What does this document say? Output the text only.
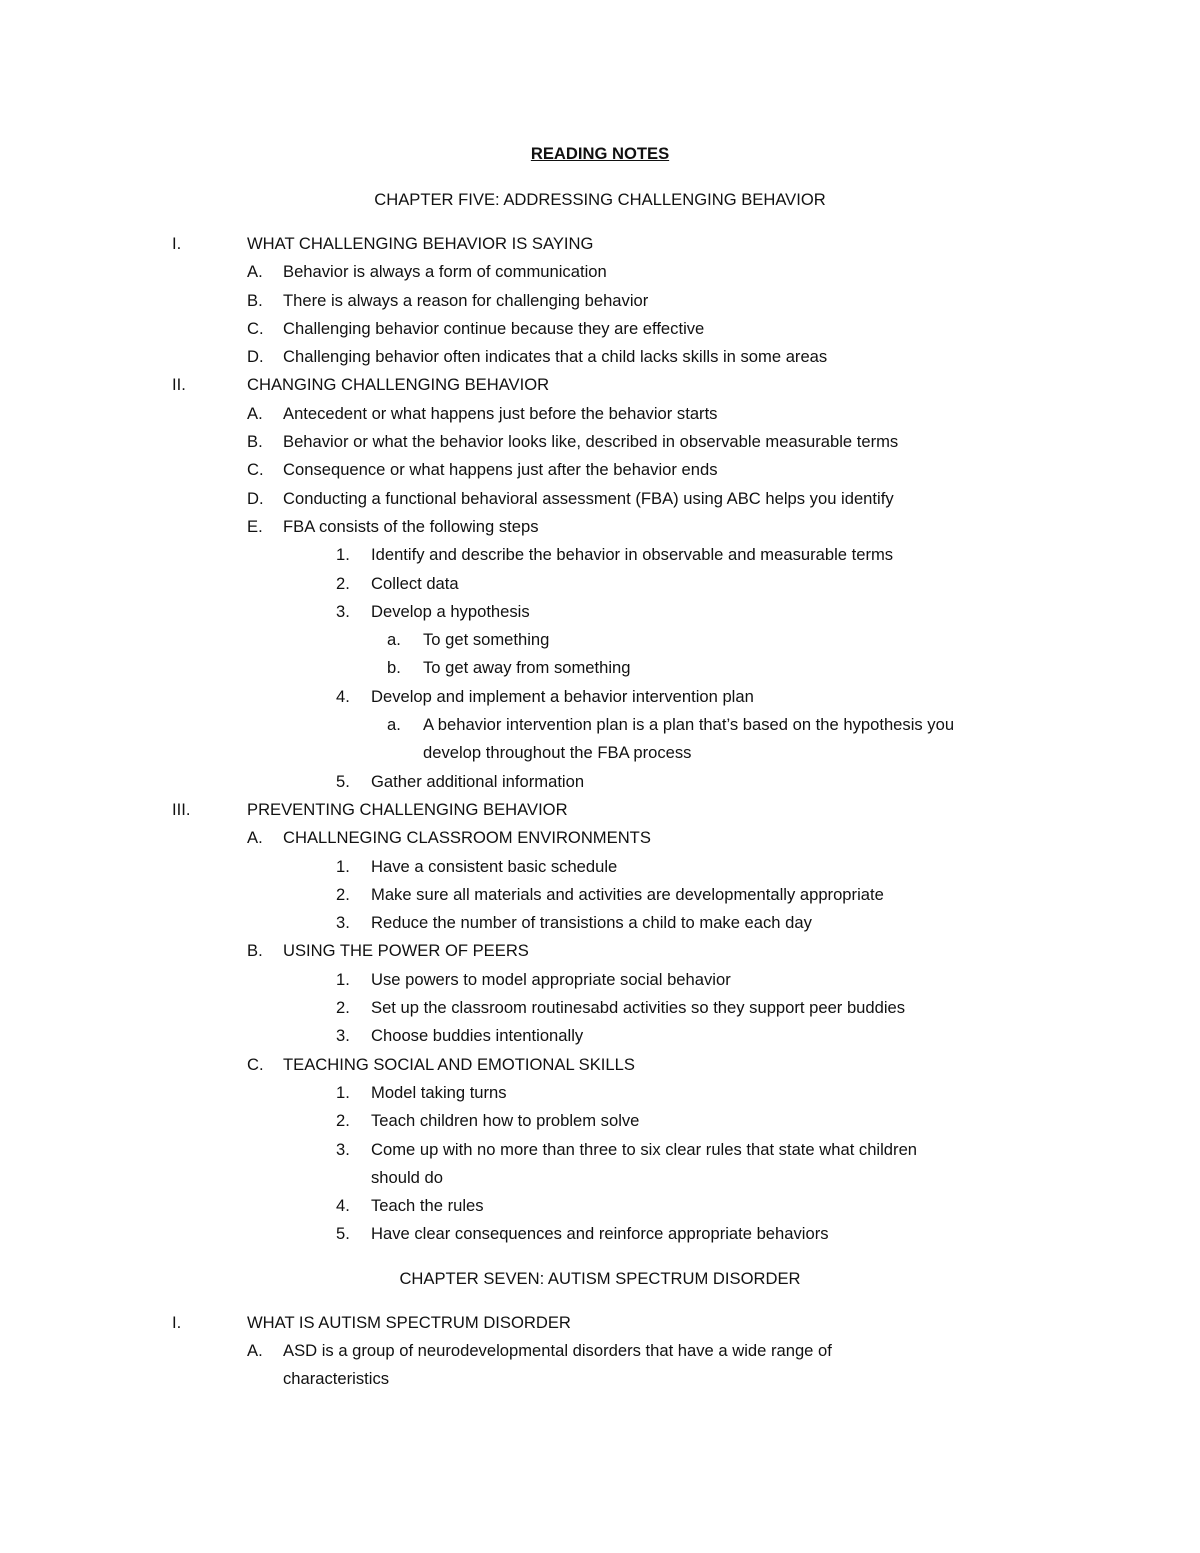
READING NOTES
CHAPTER FIVE: ADDRESSING CHALLENGING BEHAVIOR
I.	WHAT CHALLENGING BEHAVIOR IS SAYING
A. Behavior is always a form of communication
B. There is always a reason for challenging behavior
C. Challenging behavior continue because they are effective
D. Challenging behavior often indicates that a child lacks skills in some areas
II.	CHANGING CHALLENGING BEHAVIOR
A. Antecedent or what happens just before the behavior starts
B. Behavior or what the behavior looks like, described in observable measurable terms
C. Consequence or what happens just after the behavior ends
D. Conducting a functional behavioral assessment (FBA) using ABC helps you identify
E. FBA consists of the following steps
1. Identify and describe the behavior in observable and measurable terms
2. Collect data
3. Develop a hypothesis
a. To get something
b. To get away from something
4. Develop and implement a behavior intervention plan
a. A behavior intervention plan is a plan that’s based on the hypothesis you
develop throughout the FBA process
5. Gather additional information
III.	PREVENTING CHALLENGING BEHAVIOR
A. CHALLNEGING CLASSROOM ENVIRONMENTS
1. Have a consistent basic schedule
2. Make sure all materials and activities are developmentally appropriate
3. Reduce the number of transistions a child to make each day
B. USING THE POWER OF PEERS
1. Use powers to model appropriate social behavior
2. Set up the classroom routinesabd activities so they support peer buddies
3. Choose buddies intentionally
C. TEACHING SOCIAL AND EMOTIONAL SKILLS
1. Model taking turns
2. Teach children how to problem solve
3. Come up with no more than three to six clear rules that state what children
should do
4. Teach the rules
5. Have clear consequences and reinforce appropriate behaviors
CHAPTER SEVEN: AUTISM SPECTRUM DISORDER
I.	WHAT IS AUTISM SPECTRUM DISORDER
A. ASD is a group of neurodevelopmental disorders that have a wide range of
characteristics
